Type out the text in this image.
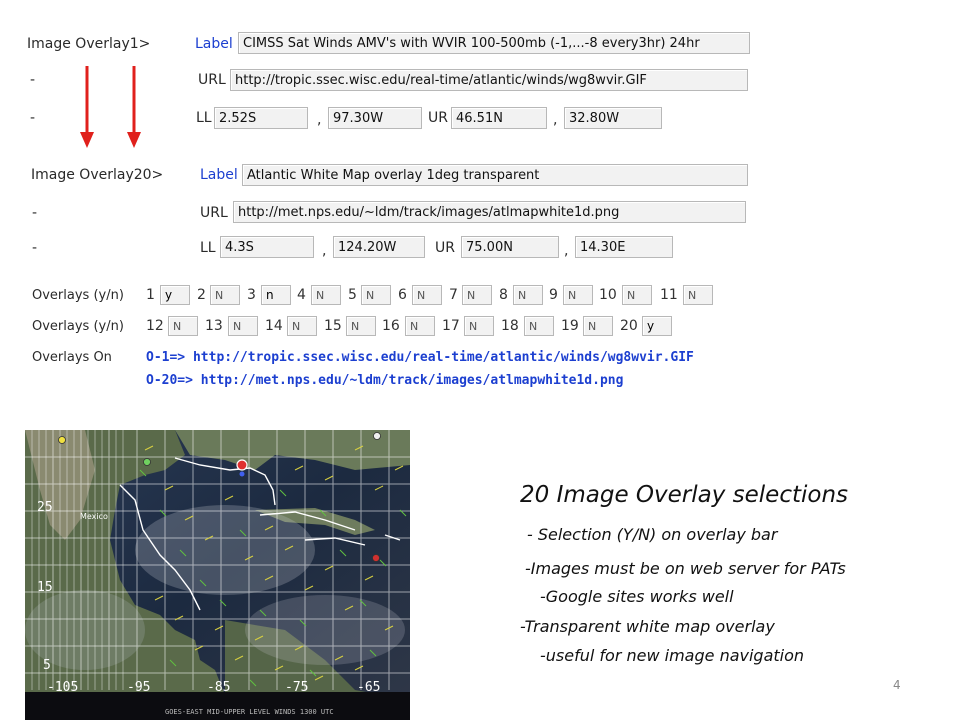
Image Overlay1>
-
-
Label CIMSS Sat Winds AMV's with WVIR 100-500mb (-1,...-8 every3hr) 24hr
URL http://tropic.ssec.wisc.edu/real-time/atlantic/winds/wg8wvir.GIF
LL 2.52S	, 97.30W	UR 46.51N	, 32.80W
Image Overlay20>
-
-
Label Atlantic White Map overlay 1deg transparent
URL http://met.nps.edu/~ldm/track/images/atlmapwhite1d.png
LL 4.3S	, 124.20W	UR 75.00N	, 14.30E
Overlays (y/n) 1 y	2 N	3 n	4 N	5 N	6 N	7 N	8 N	9 N	10 N	11 N
Overlays (y/n) 12 N	13 N	14 N	15 N	16 N	17 N	18 N	19 N	20 y
Overlays On	O-1=> http://tropic.ssec.wisc.edu/real-time/atlantic/winds/wg8wvir.GIF
O-20=> http://met.nps.edu/~ldm/track/images/atlmapwhite1d.png
Mexico
25
15
5
-105	-95	-85	-75	-65
GOES-EAST MID-UPPER LEVEL WINDS 1300 UTC
20 Image Overlay selections
- Selection (Y/N) on overlay bar
-Images must be on web server for PATs
-Google sites works well
-Transparent white map overlay
-useful for new image navigation
4
